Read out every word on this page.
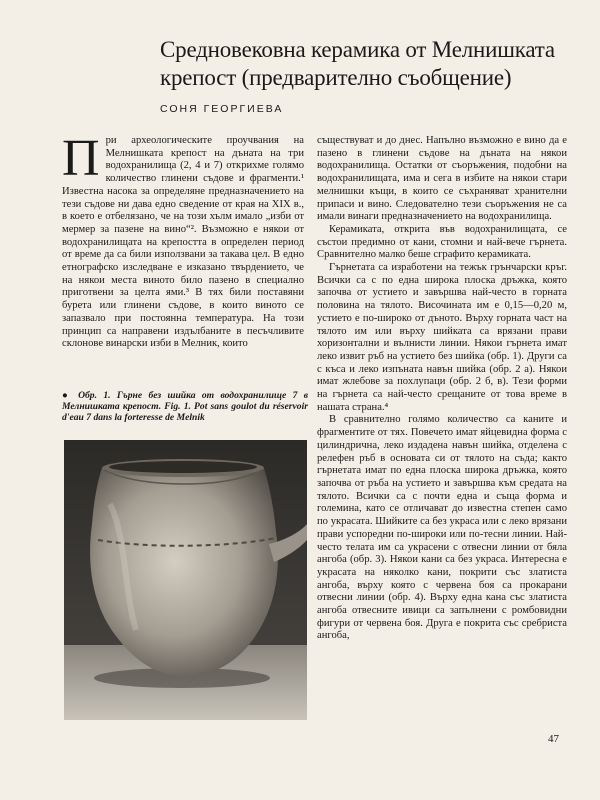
Средновековна керамика от Мелнишката крепост (предварително съобщение)
СОНЯ ГЕОРГИЕВА

При археологическите проучвания на Мелнишката крепост на дъната на три водохранилища (2, 4 и 7) открихме голямо количество глинени съдове и фрагменти.¹ Известна насока за определяне предназначението на тези съдове ни дава едно сведение от края на XIX в., в което е отбелязано, че на този хълм имало „изби от мермер за пазене на вино“². Възможно е някои от водохранилищата на крепостта в определен период от време да са били използвани за такава цел. В едно етнографско изследване е изказано твърдението, че на някои места виното било пазено в специално приготвени за целта ями.³ В тях били поставяни бурета или глинени съдове, в които виното се запазвало при постоянна температура. На този принцип са направени издълбаните в песъчливите склонове винарски изби в Мелник, които

● Обр. 1. Гърне без шийка от водохранилище 7 в Мелнишката крепост. Fig. 1. Pot sans goulot du réservoir d'eau 7 dans la forteresse de Melnik

съществуват и до днес. Напълно възможно е вино да е пазено в глинени съдове на дъната на някои водохранилища. Остатки от съоръжения, подобни на водохранилищата, има и сега в избите на някои стари мелнишки къщи, в които се съхраняват хранителни припаси и вино. Следователно тези съоръжения не са имали винаги предназначението на водохранилища.

Керамиката, открита във водохранилищата, се състои предимно от кани, стомни и най-вече гърнета. Сравнително малко беше сграфито керамиката.

Гърнетата са изработени на тежък грънчарски кръг. Всички са с по една широка плоска дръжка, която започва от устието и завършва най-често в горната половина на тялото. Височината им е 0,15—0,20 м, устието е по-широко от дъното. Върху горната част на тялото им или върху шийката са врязани прави хоризонтални и вълнисти линии. Някои гърнета имат леко извит ръб на устието без шийка (обр. 1). Други са с къса и леко изпъната навън шийка (обр. 2 а). Някои имат жлебове за похлупаци (обр. 2 б, в). Тези форми на гърнета са най-често срещаните от това време в нашата страна.⁴

В сравнително голямо количество са каните и фрагментите от тях. Повечето имат яйцевидна форма с цилиндрична, леко издадена навън шийка, отделена с релефен ръб в основата си от тялото на съда; както гърнетата имат по една плоска широка дръжка, която започва от ръба на устието и завършва към средата на тялото. Всички са с почти една и съща форма и големина, като се отличават до известна степен само по украсата. Шийките са без украса или с леко врязани прави успоредни по-широки или по-тесни линии. Най-често телата им са украсени с отвесни линии от бяла ангоба (обр. 3). Някои кани са без украса. Интересна е украсата на няколко кани, покрити със златиста ангоба, върху която с червена боя са прокарани отвесни линии (обр. 4). Върху една кана със златиста ангоба отвесните ивици са запълнени с ромбовидни фигури от червена боя. Друга е покрита със сребриста ангоба,

47
